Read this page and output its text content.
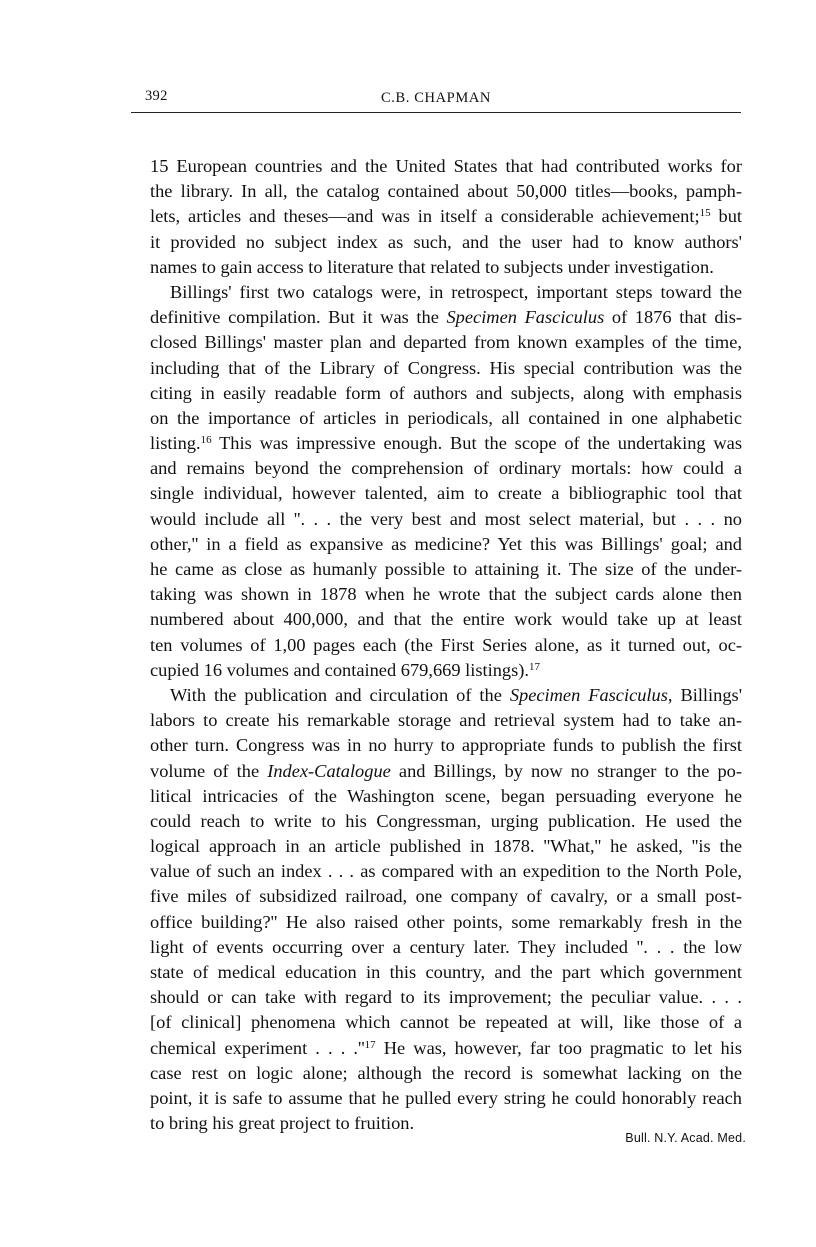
392	C.B. CHAPMAN
15 European countries and the United States that had contributed works for
the library. In all, the catalog contained about 50,000 titles—books, pamph-
lets, articles and theses—and was in itself a considerable achievement;$^{15}$ but
it provided no subject index as such, and the user had to know authors'
names to gain access to literature that related to subjects under investigation.
Billings' first two catalogs were, in retrospect, important steps toward the
definitive compilation. But it was the Specimen Fasciculus of 1876 that dis-
closed Billings' master plan and departed from known examples of the time,
including that of the Library of Congress. His special contribution was the
citing in easily readable form of authors and subjects, along with emphasis
on the importance of articles in periodicals, all contained in one alphabetic
listing.$^{16}$ This was impressive enough. But the scope of the undertaking was
and remains beyond the comprehension of ordinary mortals: how could a
single individual, however talented, aim to create a bibliographic tool that
would include all ''. . . the very best and most select material, but . . . no
other,'' in a field as expansive as medicine? Yet this was Billings' goal; and
he came as close as humanly possible to attaining it. The size of the under-
taking was shown in 1878 when he wrote that the subject cards alone then
numbered about 400,000, and that the entire work would take up at least
ten volumes of 1,00 pages each (the First Series alone, as it turned out, oc-
cupied 16 volumes and contained 679,669 listings).$^{17}$
With the publication and circulation of the Specimen Fasciculus, Billings'
labors to create his remarkable storage and retrieval system had to take an-
other turn. Congress was in no hurry to appropriate funds to publish the first
volume of the Index-Catalogue and Billings, by now no stranger to the po-
litical intricacies of the Washington scene, began persuading everyone he
could reach to write to his Congressman, urging publication. He used the
logical approach in an article published in 1878. ''What,'' he asked, ''is the
value of such an index . . . as compared with an expedition to the North Pole,
five miles of subsidized railroad, one company of cavalry, or a small post-
office building?'' He also raised other points, some remarkably fresh in the
light of events occurring over a century later. They included ''. . . the low
state of medical education in this country, and the part which government
should or can take with regard to its improvement; the peculiar value. . . .
[of clinical] phenomena which cannot be repeated at will, like those of a
chemical experiment . . . $.''^{17}$ He was, however, far too pragmatic to let his
case rest on logic alone; although the record is somewhat lacking on the
point, it is safe to assume that he pulled every string he could honorably reach
to bring his great project to fruition.
Bull. N.Y. Acad. Med.
